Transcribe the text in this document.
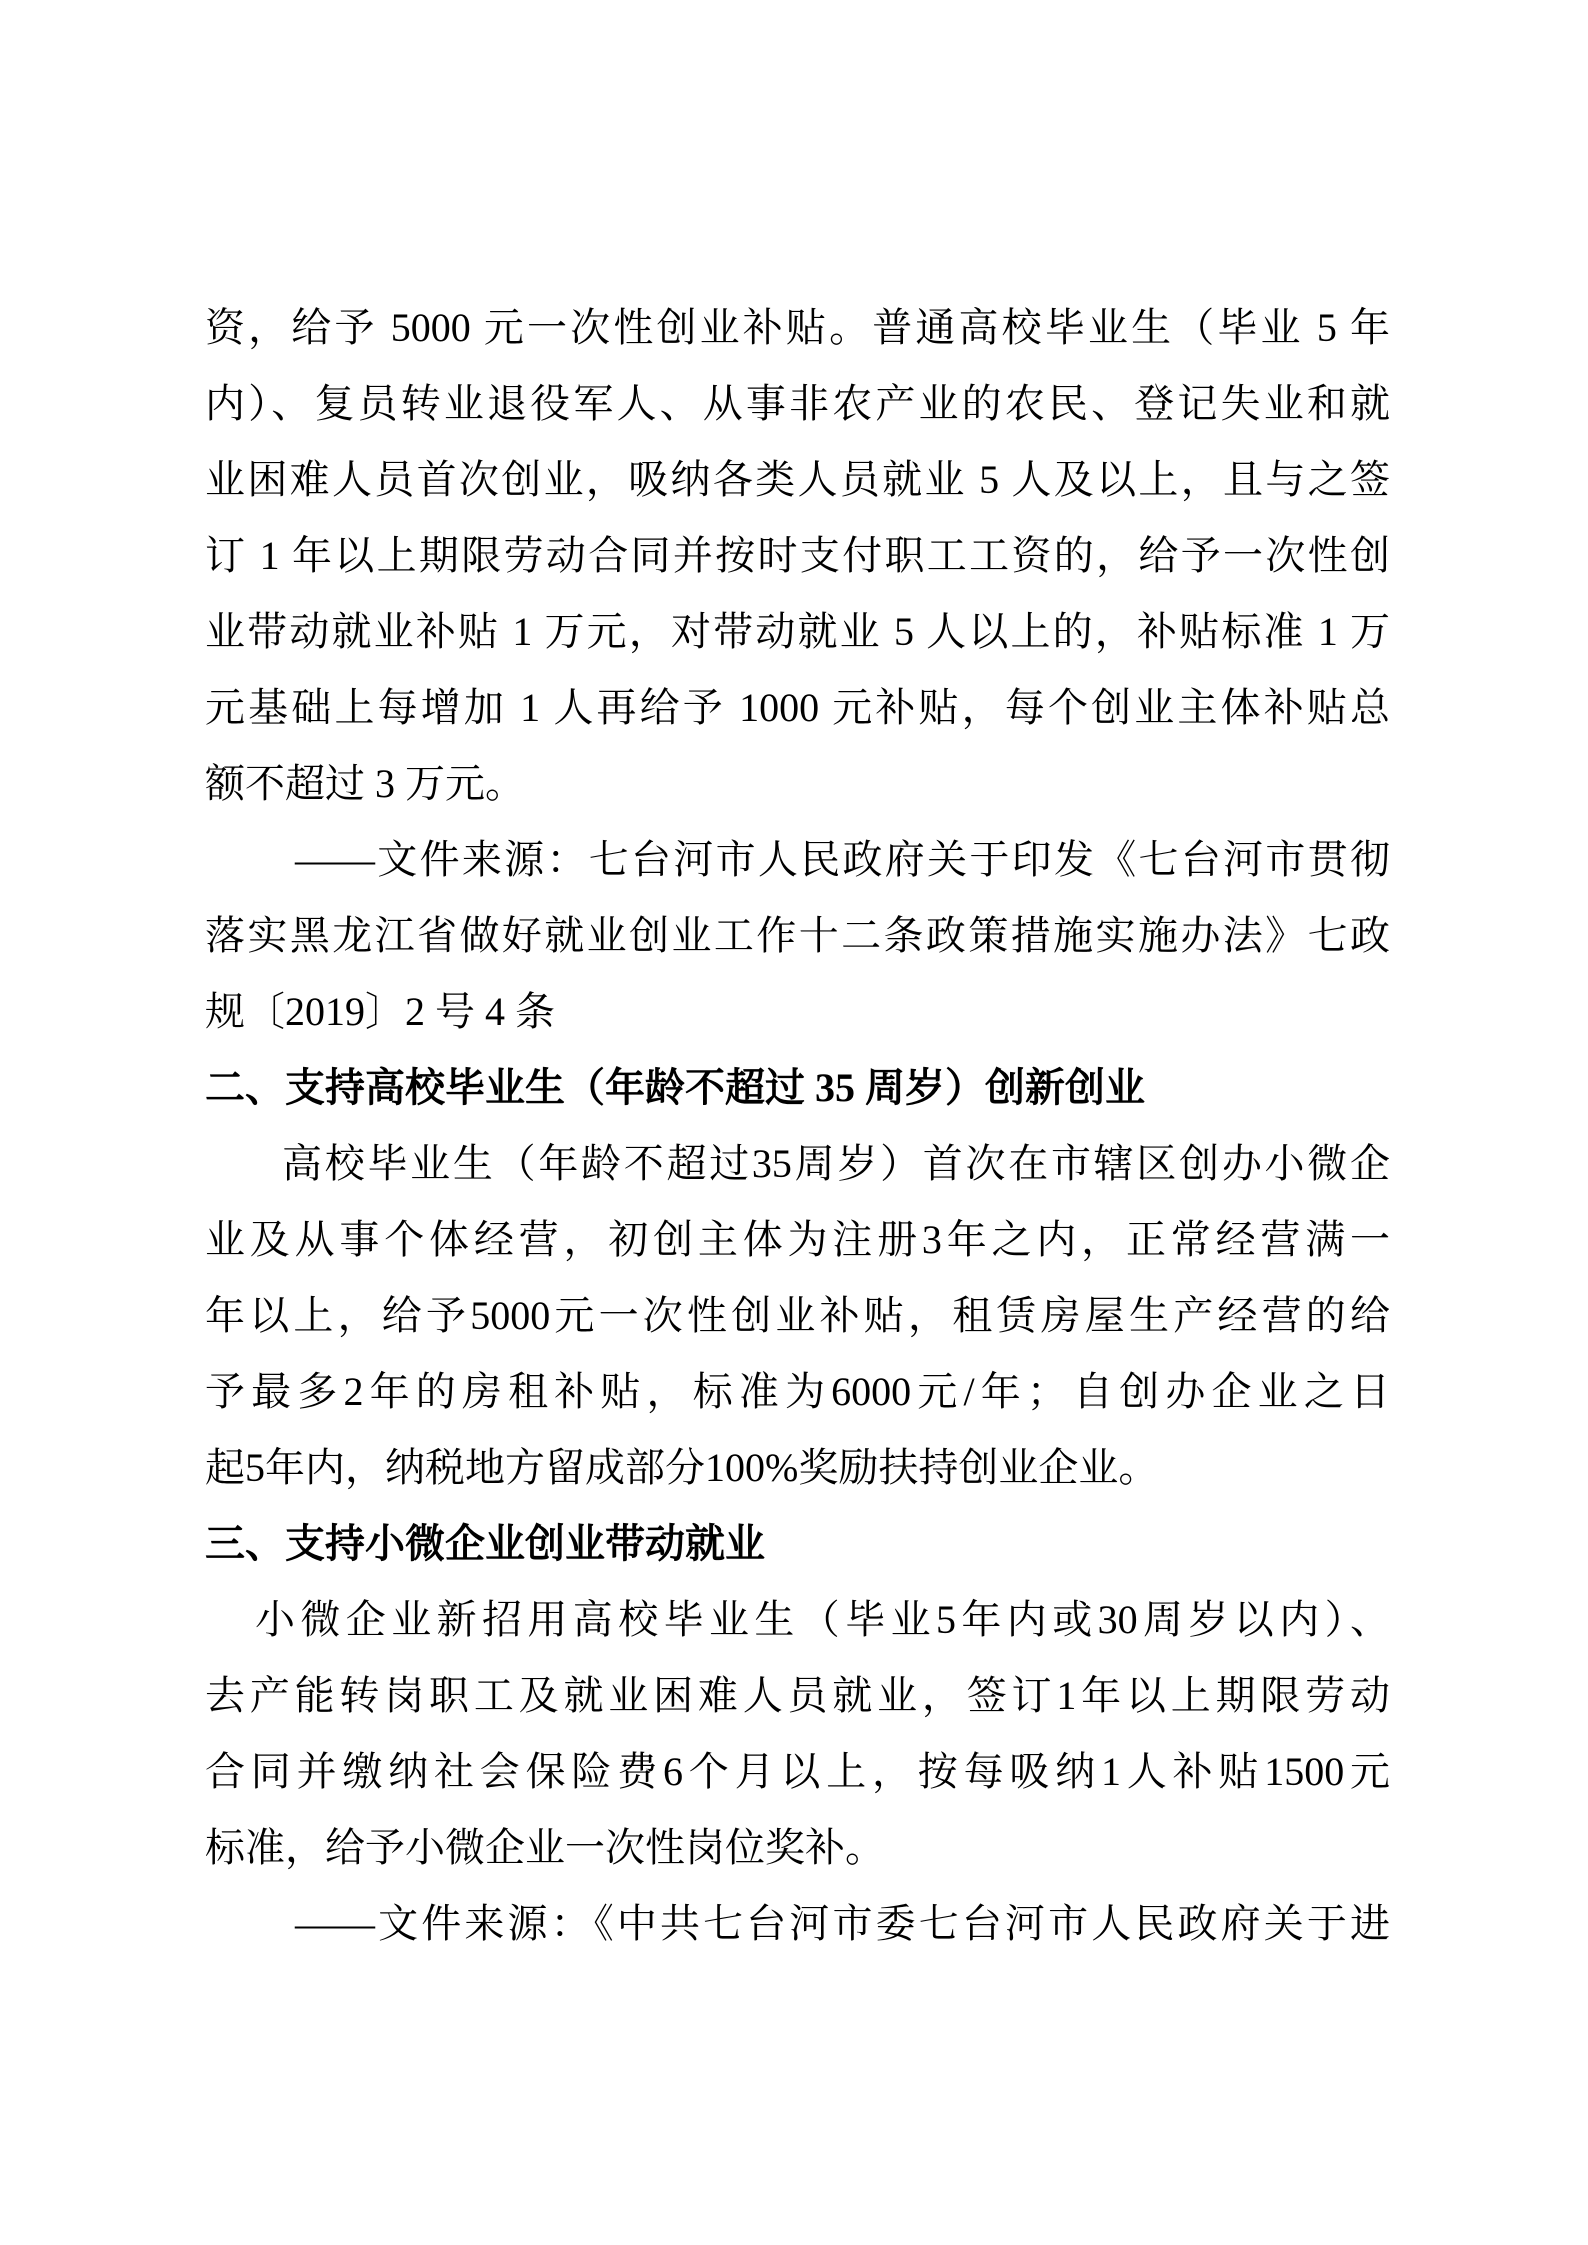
资，给予 5000 元一次性创业补贴。普通高校毕业生（毕业 5 年
内）、复员转业退役军人、从事非农产业的农民、登记失业和就
业困难人员首次创业，吸纳各类人员就业 5 人及以上，且与之签
订 1 年以上期限劳动合同并按时支付职工工资的，给予一次性创
业带动就业补贴 1 万元，对带动就业 5 人以上的，补贴标准 1 万
元基础上每增加 1 人再给予 1000 元补贴，每个创业主体补贴总
额不超过 3 万元。
——文件来源：七台河市人民政府关于印发《七台河市贯彻
落实黑龙江省做好就业创业工作十二条政策措施实施办法》七政
规〔2019〕2 号 4 条
二、支持高校毕业生（年龄不超过 35 周岁）创新创业
高校毕业生（年龄不超过35周岁）首次在市辖区创办小微企
业及从事个体经营，初创主体为注册3年之内，正常经营满一
年以上，给予5000元一次性创业补贴，租赁房屋生产经营的给
予最多2年的房租补贴，标准为6000元/年；自创办企业之日
起5年内，纳税地方留成部分100%奖励扶持创业企业。
三、支持小微企业创业带动就业
小微企业新招用高校毕业生（毕业5年内或30周岁以内）、
去产能转岗职工及就业困难人员就业，签订1年以上期限劳动
合同并缴纳社会保险费6个月以上，按每吸纳1人补贴1500元
标准，给予小微企业一次性岗位奖补。
——文件来源：《中共七台河市委七台河市人民政府关于进
